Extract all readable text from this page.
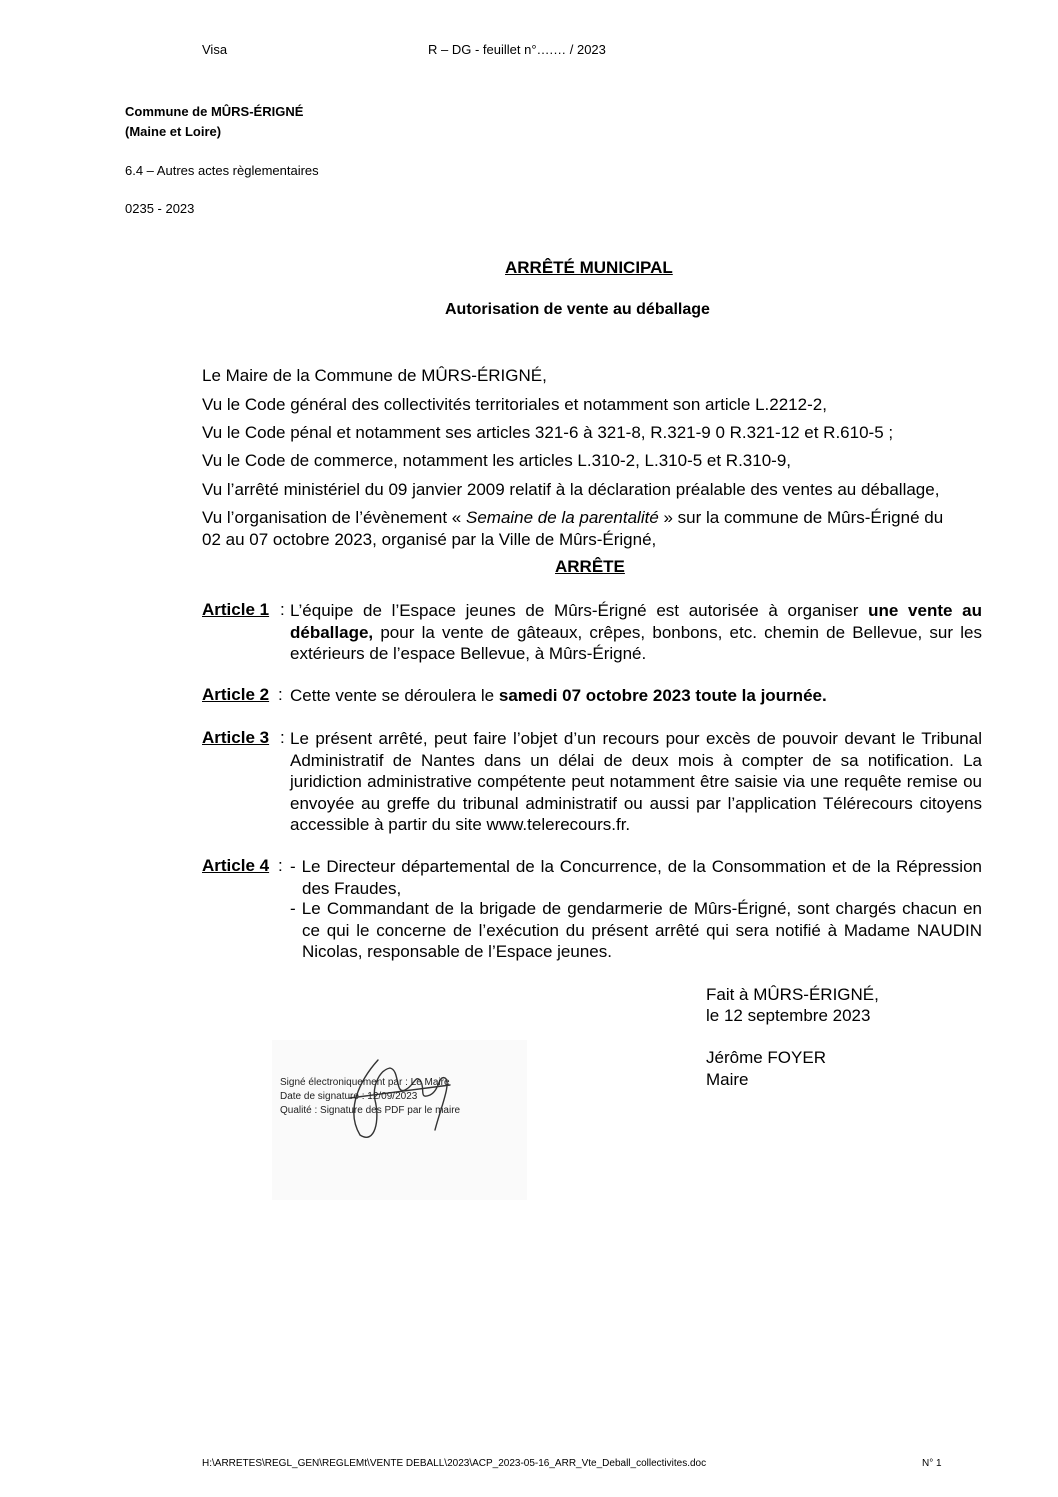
Visa	R – DG - feuillet n°….… / 2023
Commune de MÛRS-ÉRIGNÉ
(Maine et Loire)
6.4 – Autres actes règlementaires
0235 - 2023
ARRÊTÉ MUNICIPAL
Autorisation de vente au déballage
Le Maire de la Commune de MÛRS-ÉRIGNÉ,
Vu le Code général des collectivités territoriales et notamment son article L.2212-2,
Vu le Code pénal et notamment ses articles 321-6 à 321-8, R.321-9 0 R.321-12 et R.610-5 ;
Vu le Code de commerce, notamment les articles L.310-2, L.310-5 et R.310-9,
Vu l’arrêté ministériel du 09 janvier 2009 relatif à la déclaration préalable des ventes au déballage,
Vu l’organisation de l’évènement « Semaine de la parentalité » sur la commune de Mûrs-Érigné du
02 au 07 octobre 2023, organisé par la Ville de Mûrs-Érigné,
ARRÊTE
Article 1 : L’équipe de l’Espace jeunes de Mûrs-Érigné est autorisée à organiser une vente au déballage, pour la vente de gâteaux, crêpes, bonbons, etc. chemin de Bellevue, sur les extérieurs de l’espace Bellevue, à Mûrs-Érigné.
Article 2 : Cette vente se déroulera le samedi 07 octobre 2023 toute la journée.
Article 3 : Le présent arrêté, peut faire l’objet d’un recours pour excès de pouvoir devant le Tribunal Administratif de Nantes dans un délai de deux mois à compter de sa notification. La juridiction administrative compétente peut notamment être saisie via une requête remise ou envoyée au greffe du tribunal administratif ou aussi par l’application Télérecours citoyens accessible à partir du site www.telerecours.fr.
Article 4 : - Le Directeur départemental de la Concurrence, de la Consommation et de la Répression des Fraudes,
- Le Commandant de la brigade de gendarmerie de Mûrs-Érigné, sont chargés chacun en ce qui le concerne de l’exécution du présent arrêté qui sera notifié à Madame NAUDIN Nicolas, responsable de l’Espace jeunes.
Fait à MÛRS-ÉRIGNÉ,
le 12 septembre 2023
Jérôme FOYER
Maire
Signé électroniquement par : Le Maire
Date de signature : 12/09/2023
Qualité : Signature des PDF par le maire
H:\ARRETES\REGL_GEN\REGLEMt\VENTE DEBALL\2023\ACP_2023-05-16_ARR_Vte_Deball_collectivites.doc	N° 1
